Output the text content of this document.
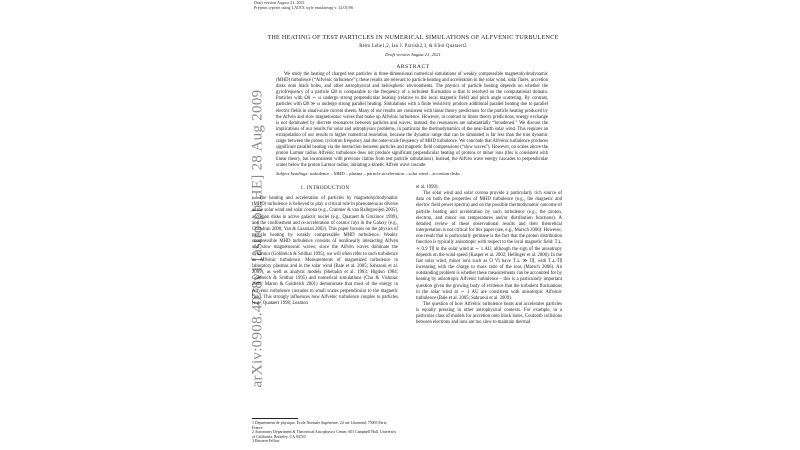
arXiv:0908.4078v1 [astro-ph.HE] 28 Aug 2009
Draft version August 21, 2021
Preprint typeset using LATEX style emulateapj v. 12/01/06
THE HEATING OF TEST PARTICLES IN NUMERICAL SIMULATIONS OF ALFVÉNIC TURBULENCE
Rémi Lehe1,2, Ian J. Parrish2,3, & Eliot Quataert2
Draft version August 21, 2021
ABSTRACT

We study the heating of charged test particles in three-dimensional numerical simulations of weakly compressible magnetohydrodynamic (MHD) turbulence (“Alfvénic turbulence”); these results are relevant to particle heating and acceleration in the solar wind, solar flares, accretion disks onto black holes, and other astrophysical and heliospheric environments. The physics of particle heating depends on whether the gyrofrequency of a particle Ω0 is comparable to the frequency of a turbulent fluctuation ω that is resolved on the computational domain. Particles with Ω0 ∼ ω undergo strong perpendicular heating (relative to the local magnetic field) and pitch angle scattering. By contrast, particles with Ω0 ≫ ω undergo strong parallel heating. Simulations with a finite resistivity produce additional parallel heating due to parallel electric fields in small-scale current sheets. Many of our results are consistent with linear theory predictions for the particle heating produced by the Alfvén and slow magnetosonic waves that make up Alfvénic turbulence. However, in contrast to linear theory predictions, energy exchange is not dominated by discrete resonances between particles and waves; instead, the resonances are substantially “broadened.” We discuss the implications of our results for solar and astrophysics problems, in particular the thermodynamics of the near-Earth solar wind. This requires an extrapolation of our results to higher numerical resolution, because the dynamic range that can be simulated is far less than the true dynamic range between the proton cyclotron frequency and the outer-scale frequency of MHD turbulence. We conclude that Alfvénic turbulence produces significant parallel heating via the interaction between particles and magnetic field compressions (“slow waves”). However, on scales above the proton Larmor radius Alfvénic turbulence does not produce significant perpendicular heating of protons or minor ions (this is consistent with linear theory, but inconsistent with previous claims from test particle simulations). Instead, the Alfvén wave energy cascades to perpendicular scales below the proton Larmor radius, initiating a kinetic Alfvén wave cascade.

1. INTRODUCTION

The heating and acceleration of particles by magnetohydrodynamic (MHD) turbulence is believed to play a critical role in phenomena as diverse as the solar wind and solar corona (e.g., Cranmer & van Ballegooijen 2005), accretion disks in active galactic nuclei (e.g., Quataert & Gruzinov 1999), and the confinement and re-acceleration of cosmic rays in the Galaxy (e.g., Chandran 2000; Yan & Lazarian 2002). This paper focuses on the physics of particle heating by weakly compressible MHD turbulence. Weakly compressible MHD turbulence consists of nonlinearly interacting Alfvén and slow magnetosonic waves; since the Alfvén waves dominate the dynamics (Goldreich & Sridhar 1995), we will often refer to such turbulence as Alfvénic turbulence. Measurements of magnetized turbulence in laboratory plasmas and in the solar wind (Bale et al. 2005; Sahraoui et al. 2009), as well as analytic models (Shebalin et al. 1983; Higdon 1984; Goldreich & Sridhar 1995) and numerical simulations (Cho & Vishniac 2000; Maron & Goldreich 2001) demonstrate that most of the energy in Alfvénic turbulence cascades to small scales perpendicular to the magnetic field. This strongly influences how Alfvénic turbulence couples to particles (e.g., Quataert 1998; Leamon

et al. 1999).

The solar wind and solar corona provide a particularly rich source of data on both the properties of MHD turbulence (e.g., the magnetic and electric field power spectra) and on the possible thermodynamic outcome of particle heating and acceleration by such turbulence (e.g., the proton, electron, and minor ion temperatures and/or distribution functions). A detailed review of these observational results and their theoretical interpretation is not critical for this paper (see, e.g., Marsch 2006). However, one result that is particularly germane is the fact that the proton distribution function is typically anisotropic with respect to the local magnetic field: T⊥ ≃ 0.9 T∥ in the solar wind at ∼ 1 AU, although the sign of the anisotropy depends on the wind speed (Kasper et al. 2002; Hellinger et al. 2006). In the fast solar wind, minor ions such as O VI have T⊥ ≫ T∥, with T⊥/T∥ increasing with the charge to mass ratio of the ions (Marsch 2006). An outstanding problem is whether these measurements can be accounted for by heating by anisotropic Alfvénic turbulence – this is a particularly important question given the growing body of evidence that the turbulent fluctuations in the solar wind at ∼ 1 AU are consistent with anisotropic Alfvénic turbulence (Bale et al. 2005; Sahraoui et al. 2009).

The question of how Alfvénic turbulence heats and accelerates particles is equally pressing in other astrophysical contexts. For example, in a particular class of models for accretion onto black holes, Coulomb collisions between electrons and ions are too slow to maintain thermal

1 Département de physique, École Normale Supérieure, 24 rue Lhomond, 75005 Paris, France
2 Astronomy Department & Theoretical Astrophysics Center, 601 Campbell Hall, University of California, Berkeley, CA 94720
3 Einstein Fellow
Subject headings: turbulence – MHD – plasma – particle acceleration – solar wind – accretion disks
